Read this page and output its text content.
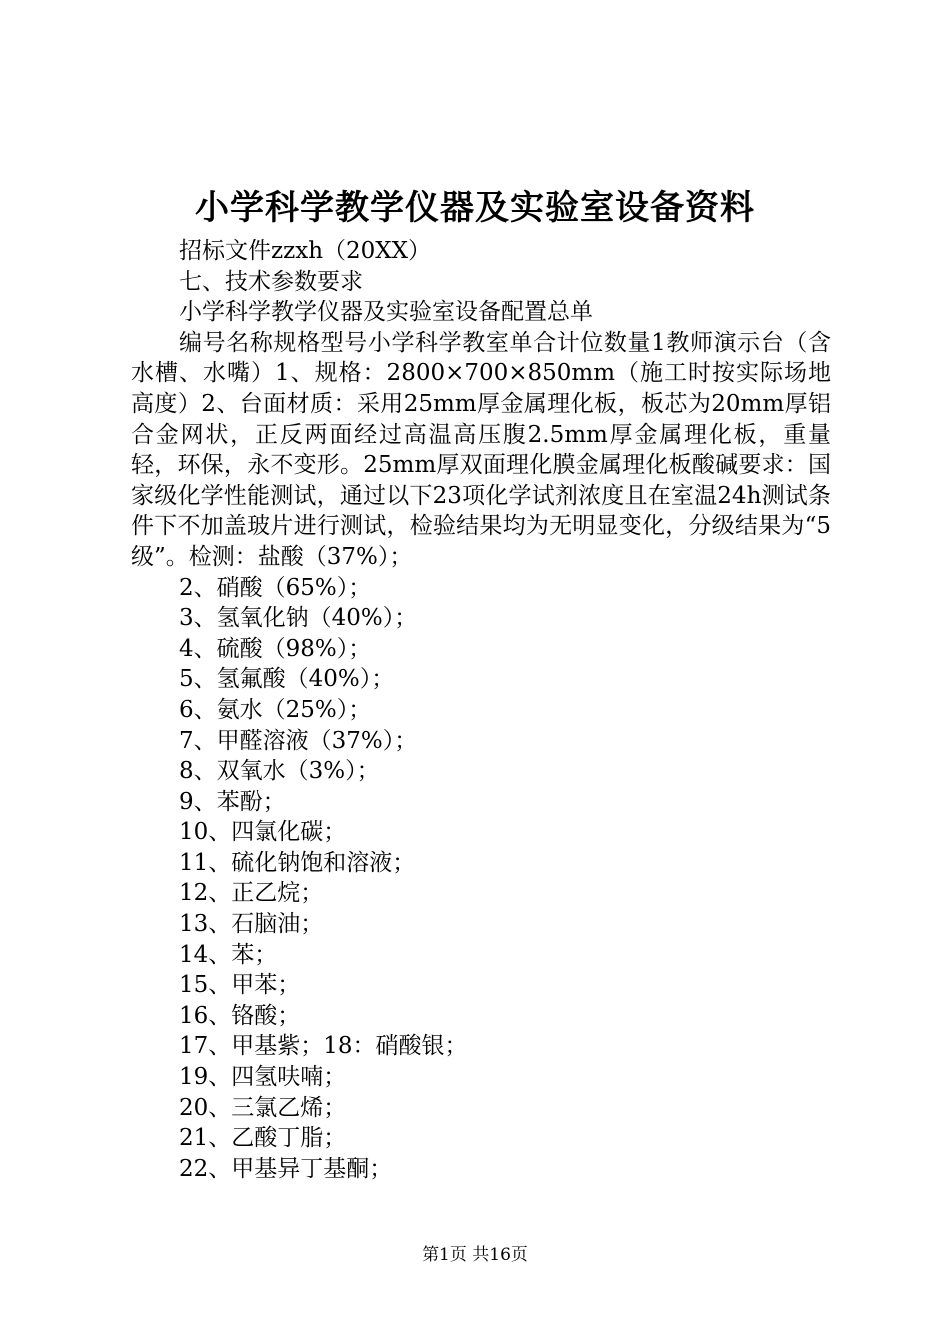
小学科学教学仪器及实验室设备资料
招标文件zzxh（20XX）
七、技术参数要求
小学科学教学仪器及实验室设备配置总单

编号名称规格型号小学科学教室单合计位数量1教师演示台（含水槽、水嘴）1、规格：2800×700×850mm（施工时按实际场地高度）2、台面材质：采用25mm厚金属理化板，板芯为20mm厚铝合金网状，正反两面经过高温高压腹2.5mm厚金属理化板，重量轻，环保，永不变形。25mm厚双面理化膜金属理化板酸碱要求：国家级化学性能测试，通过以下23项化学试剂浓度且在室温24h测试条件下不加盖玻片进行测试，检验结果均为无明显变化，分级结果为“5级”。检测：盐酸（37%）；

2、硝酸（65%）；
3、氢氧化钠（40%）；
4、硫酸（98%）；
5、氢氟酸（40%）；
6、氨水（25%）；
7、甲醛溶液（37%）；
8、双氧水（3%）；
9、苯酚；
10、四氯化碳；
11、硫化钠饱和溶液；
12、正乙烷；
13、石脑油；
14、苯；
15、甲苯；
16、铬酸；
17、甲基紫；18：硝酸银；
19、四氢呋喃；
20、三氯乙烯；
21、乙酸丁脂；
22、甲基异丁基酮；
第1页 共16页
